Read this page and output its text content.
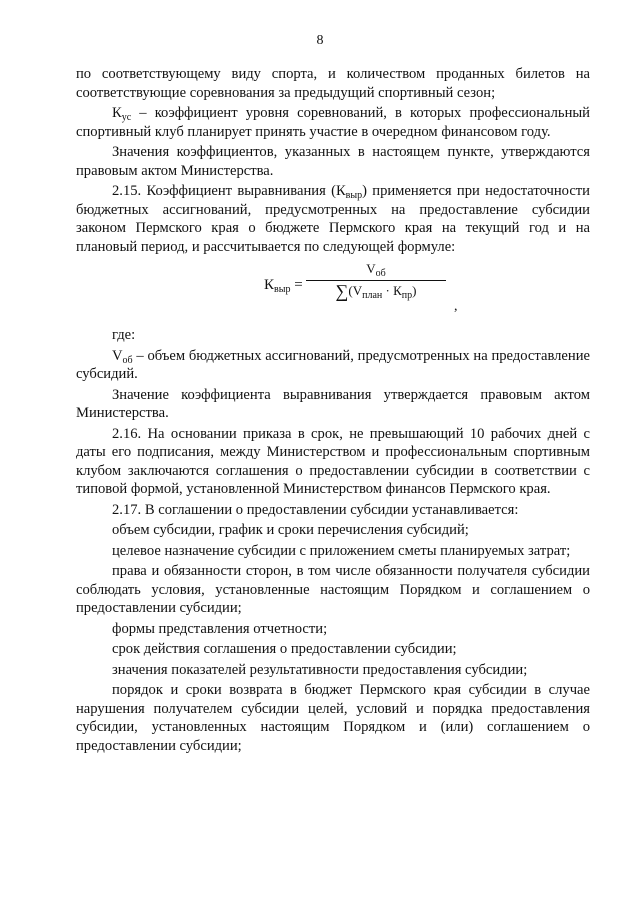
8

по соответствующему виду спорта, и количеством проданных билетов на соответствующие соревнования за предыдущий спортивный сезон;

$К_{ус}$ – коэффициент уровня соревнований, в которых профессиональный спортивный клуб планирует принять участие в очередном финансовом году.

Значения коэффициентов, указанных в настоящем пункте, утверждаются правовым актом Министерства.

2.15. Коэффициент выравнивания $(К_{выр})$ применяется при недостаточности бюджетных ассигнований, предусмотренных на предоставление субсидии законом Пермского края о бюджете Пермского края на текущий год и на плановый период, и рассчитывается по следующей формуле:

$К_{выр}$ =
$V_{об}$
$\sum(V_{план} \cdot К_{пр})$
,

где:

$V_{об}$ – объем бюджетных ассигнований, предусмотренных на предоставление субсидий.

Значение коэффициента выравнивания утверждается правовым актом Министерства.

2.16. На основании приказа в срок, не превышающий 10 рабочих дней с даты его подписания, между Министерством и профессиональным спортивным клубом заключаются соглашения о предоставлении субсидии в соответствии с типовой формой, установленной Министерством финансов Пермского края.

2.17. В соглашении о предоставлении субсидии устанавливается:

объем субсидии, график и сроки перечисления субсидий;

целевое назначение субсидии с приложением сметы планируемых затрат;

права и обязанности сторон, в том числе обязанности получателя субсидии соблюдать условия, установленные настоящим Порядком и соглашением о предоставлении субсидии;

формы представления отчетности;

срок действия соглашения о предоставлении субсидии;

значения показателей результативности предоставления субсидии;

порядок и сроки возврата в бюджет Пермского края субсидии в случае нарушения получателем субсидии целей, условий и порядка предоставления субсидии, установленных настоящим Порядком и (или) соглашением о предоставлении субсидии;
